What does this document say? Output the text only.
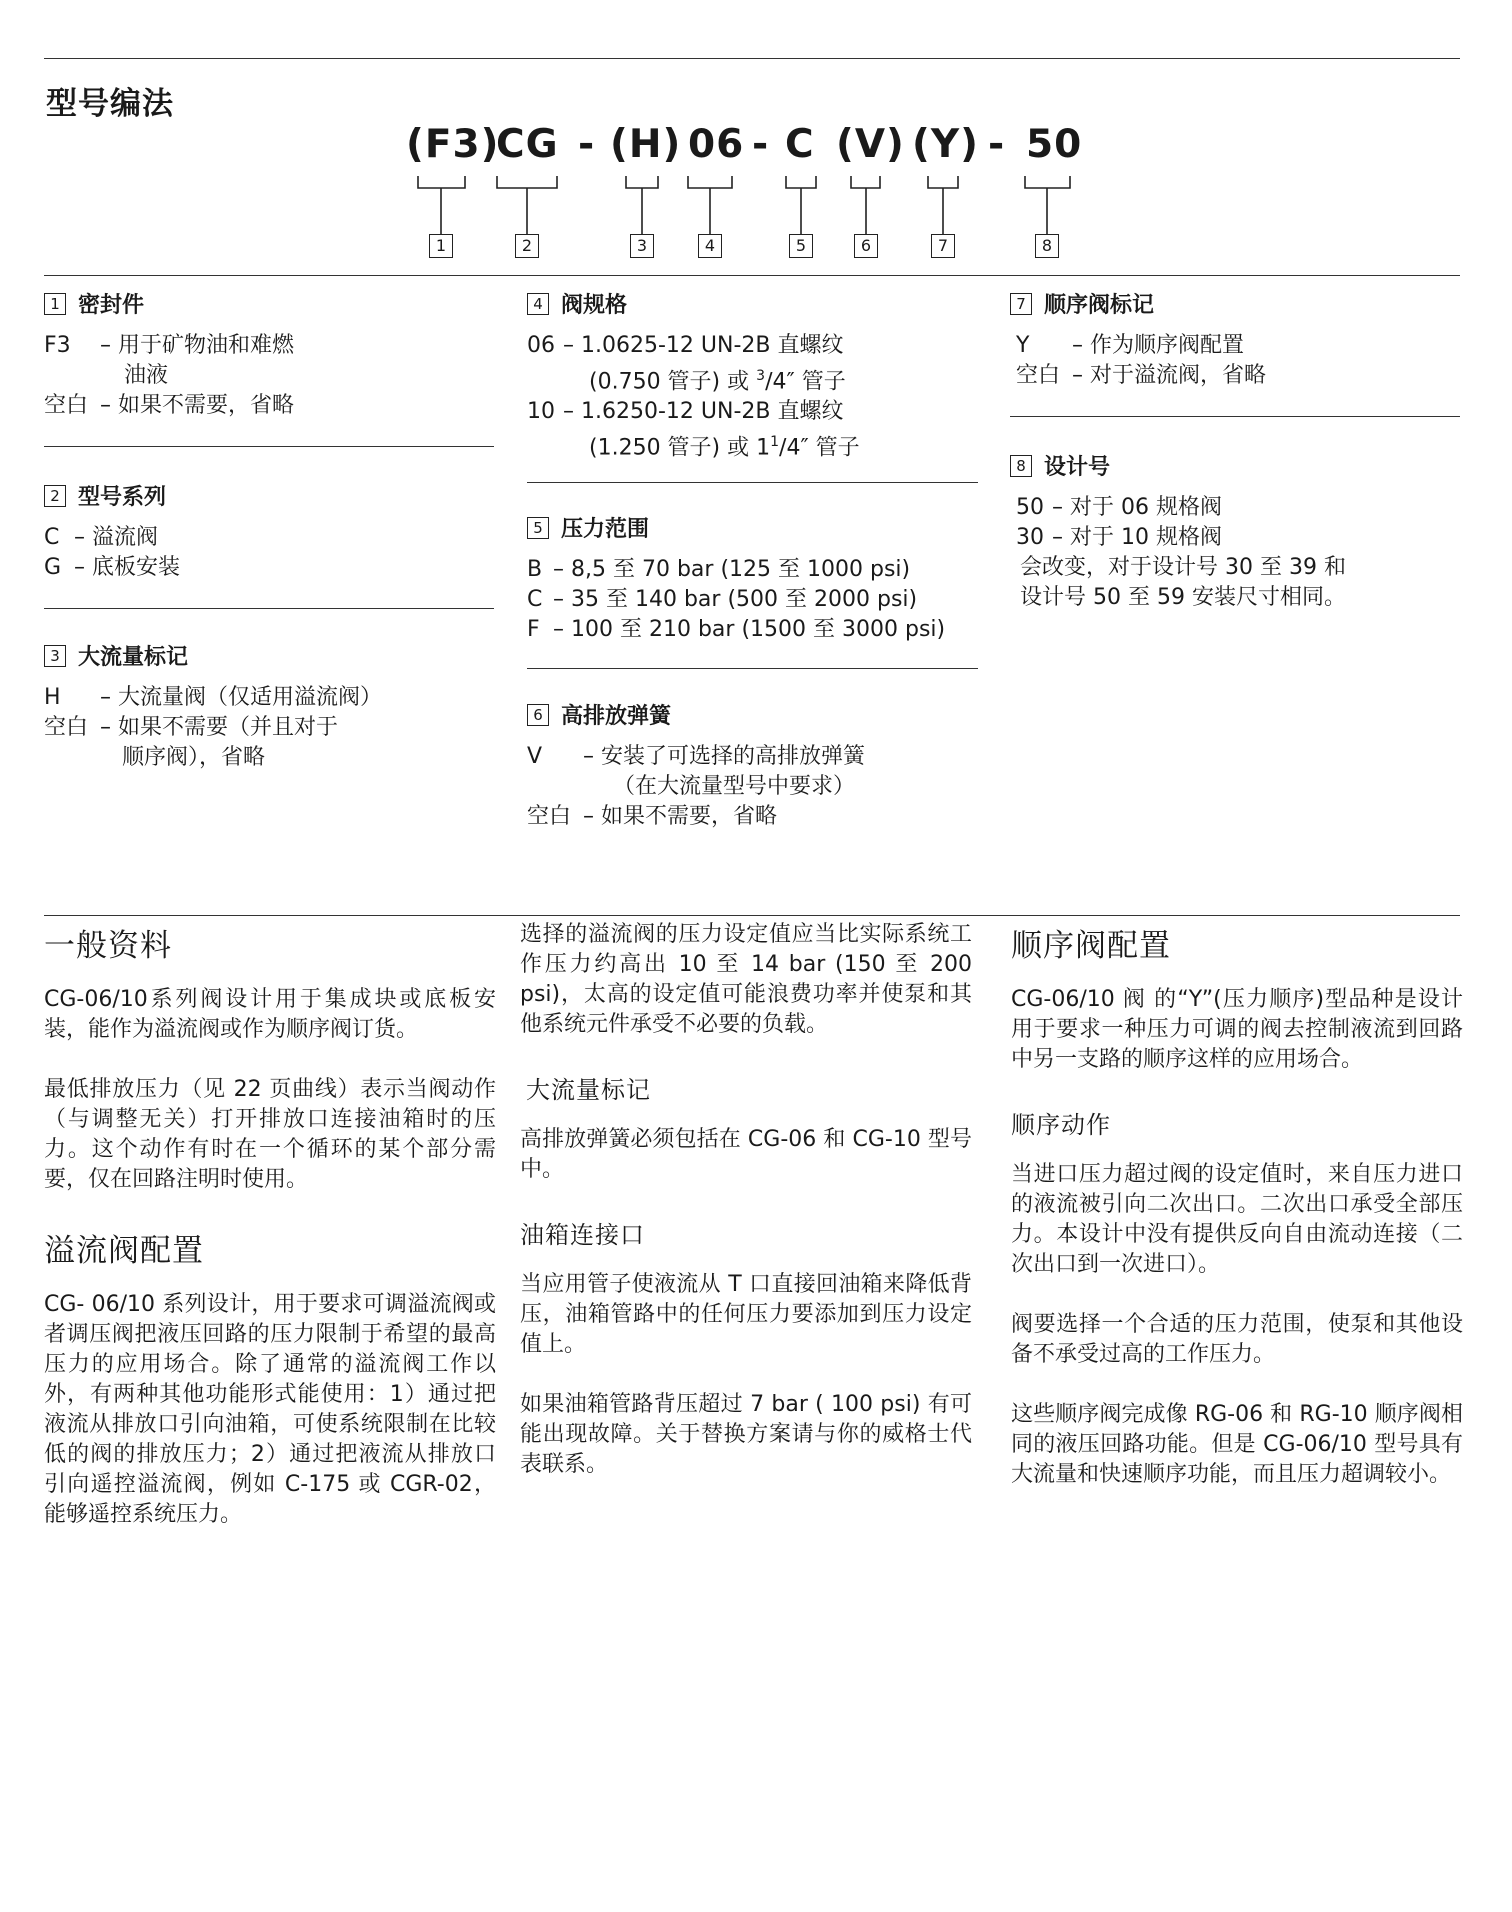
型号编法
(F3)
CG - (H) 06 - C (V) (Y) - 50
1	2	3	4	5	6	7	8
1 密封件
F3	– 用于矿物油和难燃
油液
空白 – 如果不需要，省略
2 型号系列
C – 溢流阀
G – 底板安装
3 大流量标记
H	– 大流量阀（仅适用溢流阀）
空白 – 如果不需要（并且对于
顺序阀），省略
4 阀规格
06 – 1.0625-12 UN-2B 直螺纹
(0.750 管子) 或 $^3$/4″ 管子
10 – 1.6250-12 UN-2B 直螺纹
(1.250 管子) 或 $1^1/4''$ 管子
5 压力范围
B – 8,5 至 70 bar (125 至 1000 psi)
C – 35 至 140 bar (500 至 2000 psi)
F – 100 至 210 bar (1500 至 3000 psi)
6 高排放弹簧
V	– 安装了可选择的高排放弹簧
（在大流量型号中要求）
空白 – 如果不需要，省略
7 顺序阀标记
Y	– 作为顺序阀配置
空白 – 对于溢流阀，省略
8 设计号
50 – 对于 06 规格阀
30 – 对于 10 规格阀
会改变，对于设计号 30 至 39 和
设计号 50 至 59 安装尺寸相同。
一般资料

CG-06/10系列阀设计用于集成块或底板安装，能作为溢流阀或作为顺序阀订货。

最低排放压力（见 22 页曲线）表示当阀动作（与调整无关）打开排放口连接油箱时的压力。这个动作有时在一个循环的某个部分需要，仅在回路注明时使用。

溢流阀配置

CG- 06/10 系列设计，用于要求可调溢流阀或者调压阀把液压回路的压力限制于希望的最高压力的应用场合。除了通常的溢流阀工作以外，有两种其他功能形式能使用：1）通过把液流从排放口引向油箱，可使系统限制在比较低的阀的排放压力；2）通过把液流从排放口引向遥控溢流阀，例如 C-175 或 CGR-02，能够遥控系统压力。

选择的溢流阀的压力设定值应当比实际系统工作压力约高出 10 至 14 bar (150 至 200 psi)，太高的设定值可能浪费功率并使泵和其他系统元件承受不必要的负载。

大流量标记

高排放弹簧必须包括在 CG-06 和 CG-10 型号中。

油箱连接口

当应用管子使液流从 T 口直接回油箱来降低背压，油箱管路中的任何压力要添加到压力设定值上。

如果油箱管路背压超过 7 bar ( 100 psi) 有可能出现故障。关于替换方案请与你的威格士代表联系。

顺序阀配置

CG-06/10 阀 的“Y”(压力顺序)型品种是设计用于要求一种压力可调的阀去控制液流到回路中另一支路的顺序这样的应用场合。

顺序动作

当进口压力超过阀的设定值时，来自压力进口的液流被引向二次出口。二次出口承受全部压力。本设计中没有提供反向自由流动连接（二次出口到一次进口）。

阀要选择一个合适的压力范围，使泵和其他设备不承受过高的工作压力。

这些顺序阀完成像 RG-06 和 RG-10 顺序阀相同的液压回路功能。但是 CG-06/10 型号具有大流量和快速顺序功能，而且压力超调较小。
